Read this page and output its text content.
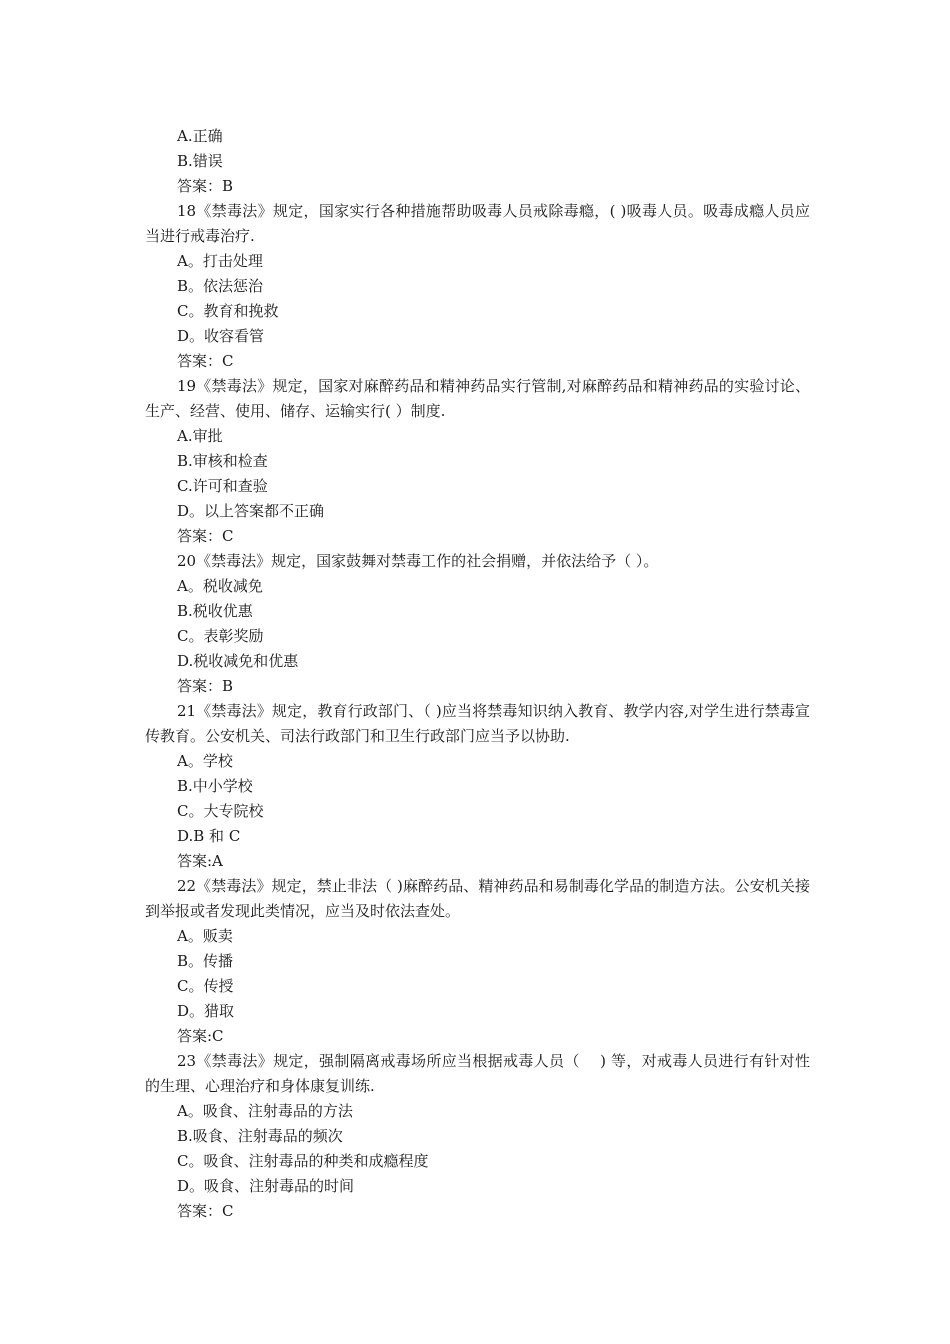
A.正确

B.错误

答案：B

18《禁毒法》规定，国家实行各种措施帮助吸毒人员戒除毒瘾，( )吸毒人员。吸毒成瘾人员应当进行戒毒治疗.

A。打击处理

B。依法惩治

C。教育和挽救

D。收容看管

答案：C

19《禁毒法》规定，国家对麻醉药品和精神药品实行管制,对麻醉药品和精神药品的实验讨论、生产、经营、使用、储存、运输实行( ）制度.

A.审批

B.审核和检查

C.许可和查验

D。以上答案都不正确

答案：C

20《禁毒法》规定，国家鼓舞对禁毒工作的社会捐赠，并依法给予（ ）。

A。税收减免

B.税收优惠

C。表彰奖励

D.税收减免和优惠

答案：B

21《禁毒法》规定，教育行政部门、（ )应当将禁毒知识纳入教育、教学内容,对学生进行禁毒宣传教育。公安机关、司法行政部门和卫生行政部门应当予以协助.

A。学校

B.中小学校

C。大专院校

D.B 和 C

答案:A

22《禁毒法》规定，禁止非法（ )麻醉药品、精神药品和易制毒化学品的制造方法。公安机关接到举报或者发现此类情况，应当及时依法查处。

A。贩卖

B。传播

C。传授

D。猎取

答案:C

23《禁毒法》规定，强制隔离戒毒场所应当根据戒毒人员（　 ) 等，对戒毒人员进行有针对性的生理、心理治疗和身体康复训练.

A。吸食、注射毒品的方法

B.吸食、注射毒品的频次

C。吸食、注射毒品的种类和成瘾程度

D。吸食、注射毒品的时间

答案：C
